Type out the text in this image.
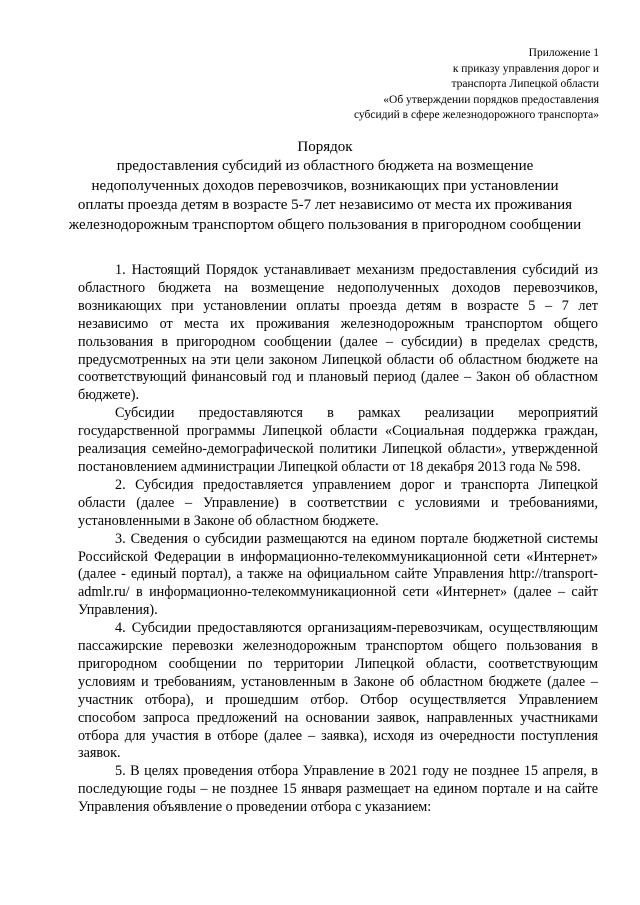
Приложение 1
к приказу управления дорог и
транспорта Липецкой области
«Об утверждении порядков предоставления
субсидий в сфере железнодорожного транспорта»
Порядок
предоставления субсидий из областного бюджета на возмещение
недополученных доходов перевозчиков, возникающих при установлении
оплаты проезда детям в возрасте 5-7 лет независимо от места их проживания
железнодорожным транспортом общего пользования в пригородном сообщении

1. Настоящий Порядок устанавливает механизм предоставления субсидий из областного бюджета на возмещение недополученных доходов перевозчиков, возникающих при установлении оплаты проезда детям в возрасте 5 – 7 лет независимо от места их проживания железнодорожным транспортом общего пользования в пригородном сообщении (далее – субсидии) в пределах средств, предусмотренных на эти цели законом Липецкой области об областном бюджете на соответствующий финансовый год и плановый период (далее – Закон об областном бюджете).

Субсидии предоставляются в рамках реализации мероприятий государственной программы Липецкой области «Социальная поддержка граждан, реализация семейно-демографической политики Липецкой области», утвержденной постановлением администрации Липецкой области от 18 декабря 2013 года № 598.

2. Субсидия предоставляется управлением дорог и транспорта Липецкой области (далее – Управление) в соответствии с условиями и требованиями, установленными в Законе об областном бюджете.

3. Сведения о субсидии размещаются на едином портале бюджетной системы Российской Федерации в информационно-телекоммуникационной сети «Интернет» (далее - единый портал), а также на официальном сайте Управления http://transport-admlr.ru/ в информационно-телекоммуникационной сети «Интернет» (далее – сайт Управления).

4. Субсидии предоставляются организациям-перевозчикам, осуществляющим пассажирские перевозки железнодорожным транспортом общего пользования в пригородном сообщении по территории Липецкой области, соответствующим условиям и требованиям, установленным в Законе об областном бюджете (далее – участник отбора), и прошедшим отбор. Отбор осуществляется Управлением способом запроса предложений на основании заявок, направленных участниками отбора для участия в отборе (далее – заявка), исходя из очередности поступления заявок.

5. В целях проведения отбора Управление в 2021 году не позднее 15 апреля, в последующие годы – не позднее 15 января размещает на едином портале и на сайте Управления объявление о проведении отбора с указанием:
